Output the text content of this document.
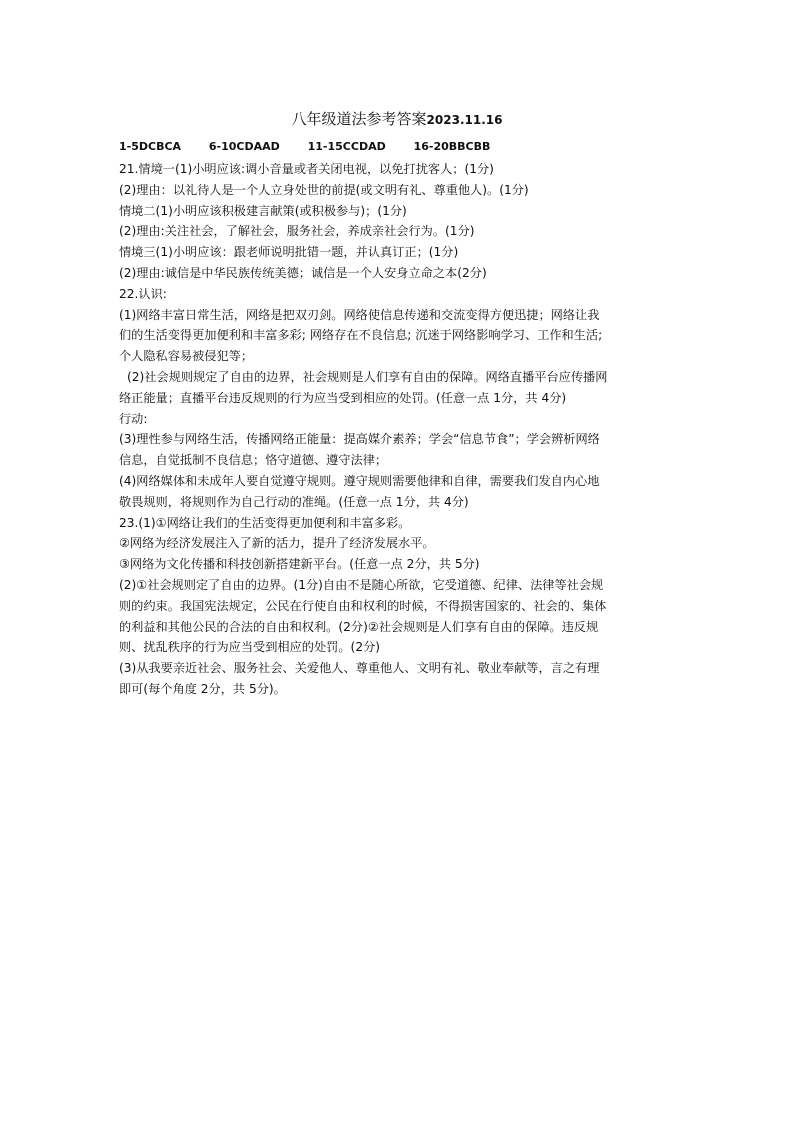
八年级道法参考答案2023.11.16
1-5DCBCA	6-10CDAAD	11-15CCDAD	16-20BBCBB
21.情境一(1)小明应该:调小音量或者关闭电视，以免打扰客人；(1分)
(2)理由：以礼待人是一个人立身处世的前提(或文明有礼、尊重他人)。(1分)
情境二(1)小明应该积极建言献策(或积极参与)；(1分)
(2)理由:关注社会，了解社会，服务社会，养成亲社会行为。(1分)
情境三(1)小明应该：跟老师说明批错一题，并认真订正；(1分)
(2)理由:诚信是中华民族传统美德；诚信是一个人安身立命之本(2分)
22.认识:
(1)网络丰富日常生活，网络是把双刃剑。网络使信息传递和交流变得方便迅捷；网络让我
们的生活变得更加便利和丰富多彩; 网络存在不良信息; 沉迷于网络影响学习、工作和生活;
个人隐私容易被侵犯等；
(2)社会规则规定了自由的边界，社会规则是人们享有自由的保障。网络直播平台应传播网
络正能量；直播平台违反规则的行为应当受到相应的处罚。(任意一点 1分，共 4分)
行动:
(3)理性参与网络生活，传播网络正能量：提高媒介素养；学会“信息节食”；学会辨析网络
信息，自觉抵制不良信息；恪守道德、遵守法律；
(4)网络媒体和未成年人要自觉遵守规则。遵守规则需要他律和自律，需要我们发自内心地
敬畏规则，将规则作为自己行动的准绳。(任意一点 1分，共 4分)
23.(1)①网络让我们的生活变得更加便利和丰富多彩。
②网络为经济发展注入了新的活力，提升了经济发展水平。
③网络为文化传播和科技创新搭建新平台。(任意一点 2分，共 5分)
(2)①社会规则定了自由的边界。(1分)自由不是随心所欲，它受道德、纪律、法律等社会规
则的约束。我国宪法规定，公民在行使自由和权利的时候，不得损害国家的、社会的、集体
的利益和其他公民的合法的自由和权利。(2分)②社会规则是人们享有自由的保障。违反规
则、扰乱秩序的行为应当受到相应的处罚。(2分)
(3)从我要亲近社会、服务社会、关爱他人、尊重他人、文明有礼、敬业奉献等，言之有理
即可(每个角度 2分，共 5分)。
